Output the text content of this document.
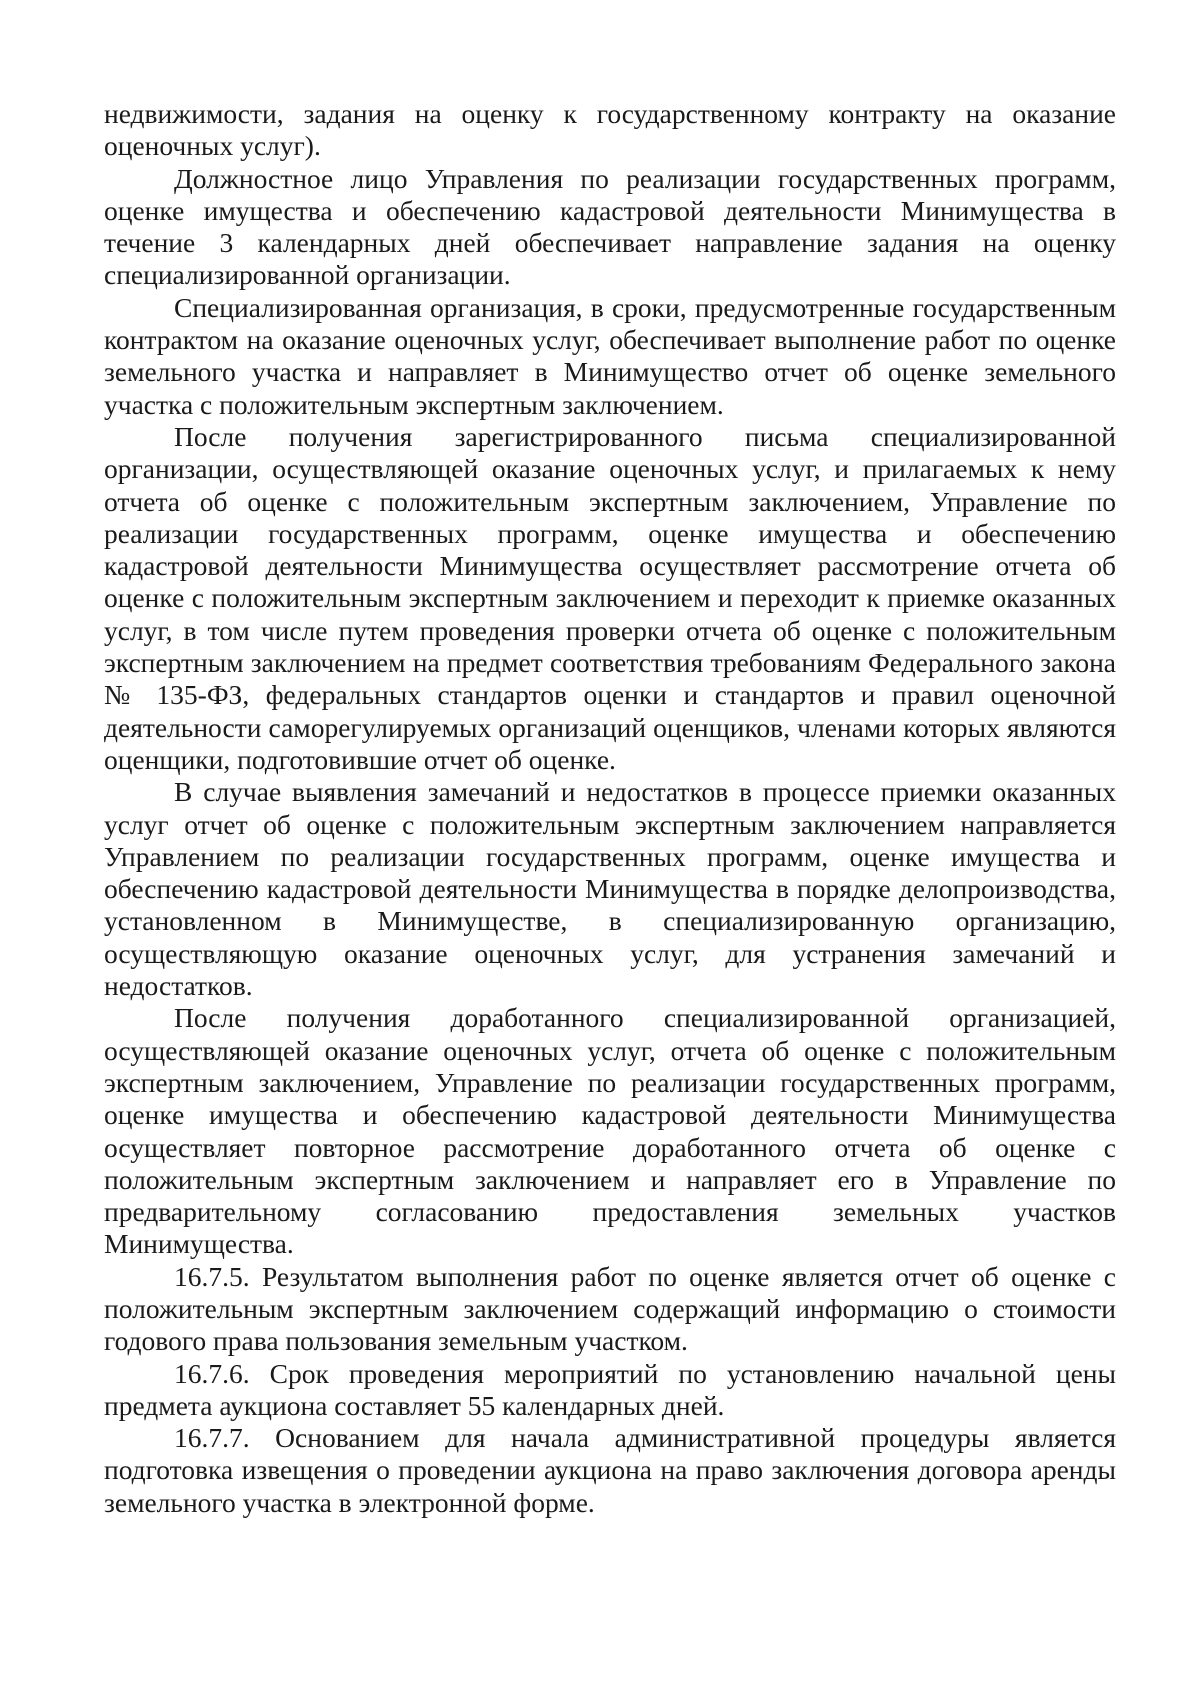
недвижимости, задания на оценку к государственному контракту на оказание оценочных услуг).

Должностное лицо Управления по реализации государственных программ, оценке имущества и обеспечению кадастровой деятельности Минимущества в течение 3 календарных дней обеспечивает направление задания на оценку специализированной организации.

Специализированная организация, в сроки, предусмотренные государственным контрактом на оказание оценочных услуг, обеспечивает выполнение работ по оценке земельного участка и направляет в Минимущество отчет об оценке земельного участка с положительным экспертным заключением.

После получения зарегистрированного письма специализированной организации, осуществляющей оказание оценочных услуг, и прилагаемых к нему отчета об оценке с положительным экспертным заключением, Управление по реализации государственных программ, оценке имущества и обеспечению кадастровой деятельности Минимущества осуществляет рассмотрение отчета об оценке с положительным экспертным заключением и переходит к приемке оказанных услуг, в том числе путем проведения проверки отчета об оценке с положительным экспертным заключением на предмет соответствия требованиям Федерального закона № 135-ФЗ, федеральных стандартов оценки и стандартов и правил оценочной деятельности саморегулируемых организаций оценщиков, членами которых являются оценщики, подготовившие отчет об оценке.

В случае выявления замечаний и недостатков в процессе приемки оказанных услуг отчет об оценке с положительным экспертным заключением направляется Управлением по реализации государственных программ, оценке имущества и обеспечению кадастровой деятельности Минимущества в порядке делопроизводства, установленном в Минимуществе, в специализированную организацию, осуществляющую оказание оценочных услуг, для устранения замечаний и недостатков.

После получения доработанного специализированной организацией, осуществляющей оказание оценочных услуг, отчета об оценке с положительным экспертным заключением, Управление по реализации государственных программ, оценке имущества и обеспечению кадастровой деятельности Минимущества осуществляет повторное рассмотрение доработанного отчета об оценке с положительным экспертным заключением и направляет его в Управление по предварительному согласованию предоставления земельных участков Минимущества.

16.7.5. Результатом выполнения работ по оценке является отчет об оценке с положительным экспертным заключением содержащий информацию о стоимости годового права пользования земельным участком.

16.7.6. Срок проведения мероприятий по установлению начальной цены предмета аукциона составляет 55 календарных дней.

16.7.7. Основанием для начала административной процедуры является подготовка извещения о проведении аукциона на право заключения договора аренды земельного участка в электронной форме.
